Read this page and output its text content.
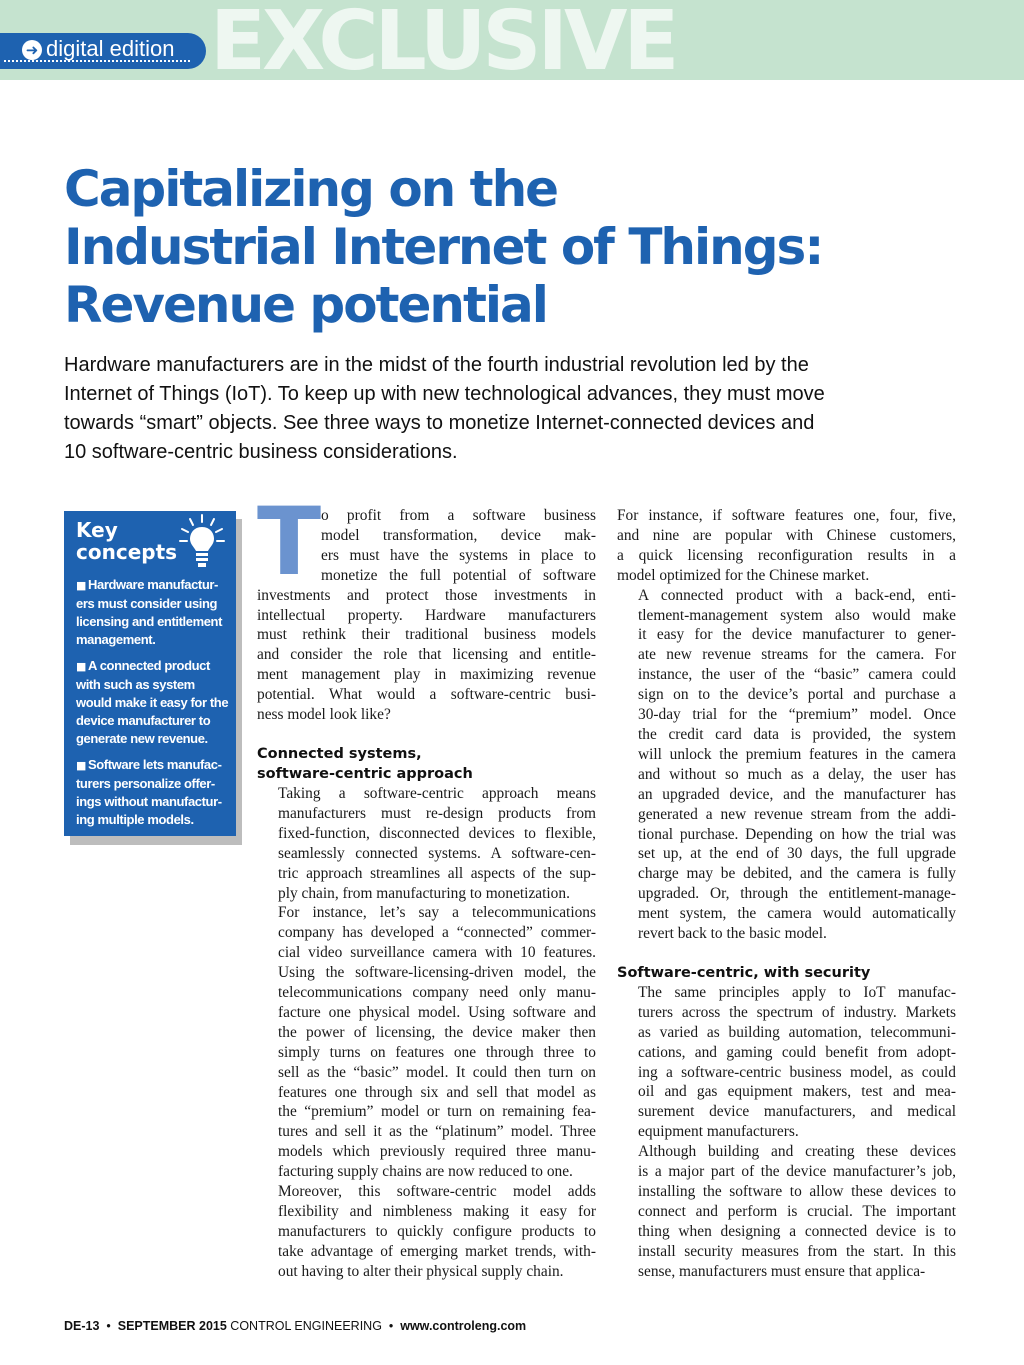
EXCLUSIVE
➜ digital edition
Capitalizing on the
Industrial Internet of Things:
Revenue potential

Hardware manufacturers are in the midst of the fourth industrial revolution led by the
Internet of Things (IoT). To keep up with new technological advances, they must move
towards “smart” objects. See three ways to monetize Internet-connected devices and
10 software-centric business considerations.

Key
concepts
■ Hardware manufactur-
ers must consider using
licensing and entitlement
management.
■ A connected product
with such as system
would make it easy for the
device manufacturer to
generate new revenue.
■ Software lets manufac-
turers personalize offer-
ings without manufactur-
ing multiple models.
T o profit from a software business
model transformation, device mak-
ers must have the systems in place to
monetize the full potential of software
investments and protect those investments in
intellectual property. Hardware manufacturers
must rethink their traditional business models
and consider the role that licensing and entitle-
ment management play in maximizing revenue
potential. What would a software-centric busi-
ness model look like?
Connected systems,
software-centric approach
Taking a software-centric approach means
manufacturers must re-design products from
fixed-function, disconnected devices to flexible,
seamlessly connected systems. A software-cen-
tric approach streamlines all aspects of the sup-
ply chain, from manufacturing to monetization.
For instance, let’s say a telecommunications
company has developed a “connected” commer-
cial video surveillance camera with 10 features.
Using the software-licensing-driven model, the
telecommunications company need only manu-
facture one physical model. Using software and
the power of licensing, the device maker then
simply turns on features one through three to
sell as the “basic” model. It could then turn on
features one through six and sell that model as
the “premium” model or turn on remaining fea-
tures and sell it as the “platinum” model. Three
models which previously required three manu-
facturing supply chains are now reduced to one.
Moreover, this software-centric model adds
flexibility and nimbleness making it easy for
manufacturers to quickly configure products to
take advantage of emerging market trends, with-
out having to alter their physical supply chain.
For instance, if software features one, four, five,
and nine are popular with Chinese customers,
a quick licensing reconfiguration results in a
model optimized for the Chinese market.
A connected product with a back-end, enti-
tlement-management system also would make
it easy for the device manufacturer to gener-
ate new revenue streams for the camera. For
instance, the user of the “basic” camera could
sign on to the device’s portal and purchase a
30-day trial for the “premium” model. Once
the credit card data is provided, the system
will unlock the premium features in the camera
and without so much as a delay, the user has
an upgraded device, and the manufacturer has
generated a new revenue stream from the addi-
tional purchase. Depending on how the trial was
set up, at the end of 30 days, the full upgrade
charge may be debited, and the camera is fully
upgraded. Or, through the entitlement-manage-
ment system, the camera would automatically
revert back to the basic model.
Software-centric, with security
The same principles apply to IoT manufac-
turers across the spectrum of industry. Markets
as varied as building automation, telecommuni-
cations, and gaming could benefit from adopt-
ing a software-centric business model, as could
oil and gas equipment makers, test and mea-
surement device manufacturers, and medical
equipment manufacturers.
Although building and creating these devices
is a major part of the device manufacturer’s job,
installing the software to allow these devices to
connect and perform is crucial. The important
thing when designing a connected device is to
install security measures from the start. In this
sense, manufacturers must ensure that applica-
DE-13 • SEPTEMBER 2015 CONTROL ENGINEERING • www.controleng.com
